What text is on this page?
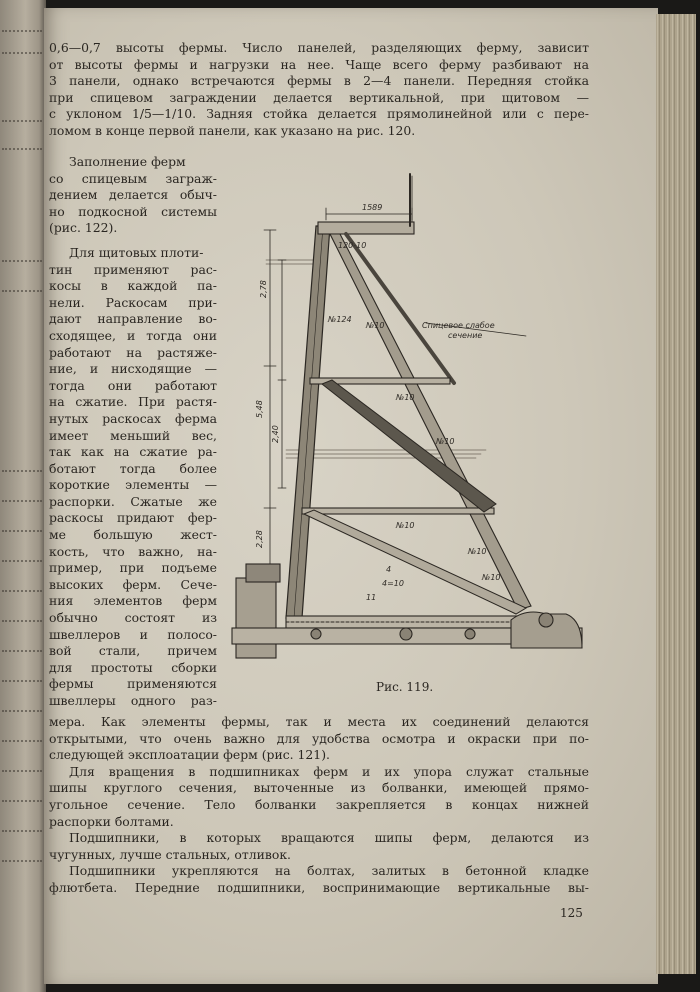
0,6—0,7 высоты фермы. Число панелей, разделяющих ферму, зависит
от высоты фермы и нагрузки на нее. Чаще всего ферму разбивают на
3 панели, однако встречаются фермы в 2—4 панели. Передняя стойка
при спицевом заграждении делается вертикальной, при щитовом —
с уклоном 1/5—1/10. Задняя стойка делается прямолинейной или с пере-
ломом в конце первой панели, как указано на рис. 120.
Заполнение ферм
со спицевым заграж-
дением делается обыч-
но подкосной системы
(рис. 122).
Для щитовых плоти-
тин применяют рас-
косы в каждой па-
нели. Раскосам при-
дают направление во-
сходящее, и тогда они
работают на растяже-
ние, и нисходящие —
тогда они работают
на сжатие. При растя-
нутых раскосах ферма
имеет меньший вес,
так как на сжатие ра-
ботают тогда более
короткие элементы —
распорки. Сжатые же
раскосы придают фер-
ме большую жест-
кость, что важно, на-
пример, при подъеме
высоких ферм. Сече-
ния элементов ферм
обычно состоят из
швеллеров и полосо-
вой стали, причем
для простоты сборки
фермы применяются
швеллеры одного раз-
1589
120-10
2,78
5,48
2,40
2,28
№124
№10
№10
№10
№10
№10
№10
Спицевое слабое
сечение
4
4=10
11
Рис. 119.
мера. Как элементы фермы, так и места их соединений делаются
открытыми, что очень важно для удобства осмотра и окраски при по-
следующей эксплоатации ферм (рис. 121).
Для вращения в подшипниках ферм и их упора служат стальные
шипы круглого сечения, выточенные из болванки, имеющей прямо-
угольное сечение. Тело болванки закрепляется в концах нижней
распорки болтами.
Подшипники, в которых вращаются шипы ферм, делаются из
чугунных, лучше стальных, отливок.
Подшипники укрепляются на болтах, залитых в бетонной кладке
флютбета. Передние подшипники, воспринимающие вертикальные вы-
125
